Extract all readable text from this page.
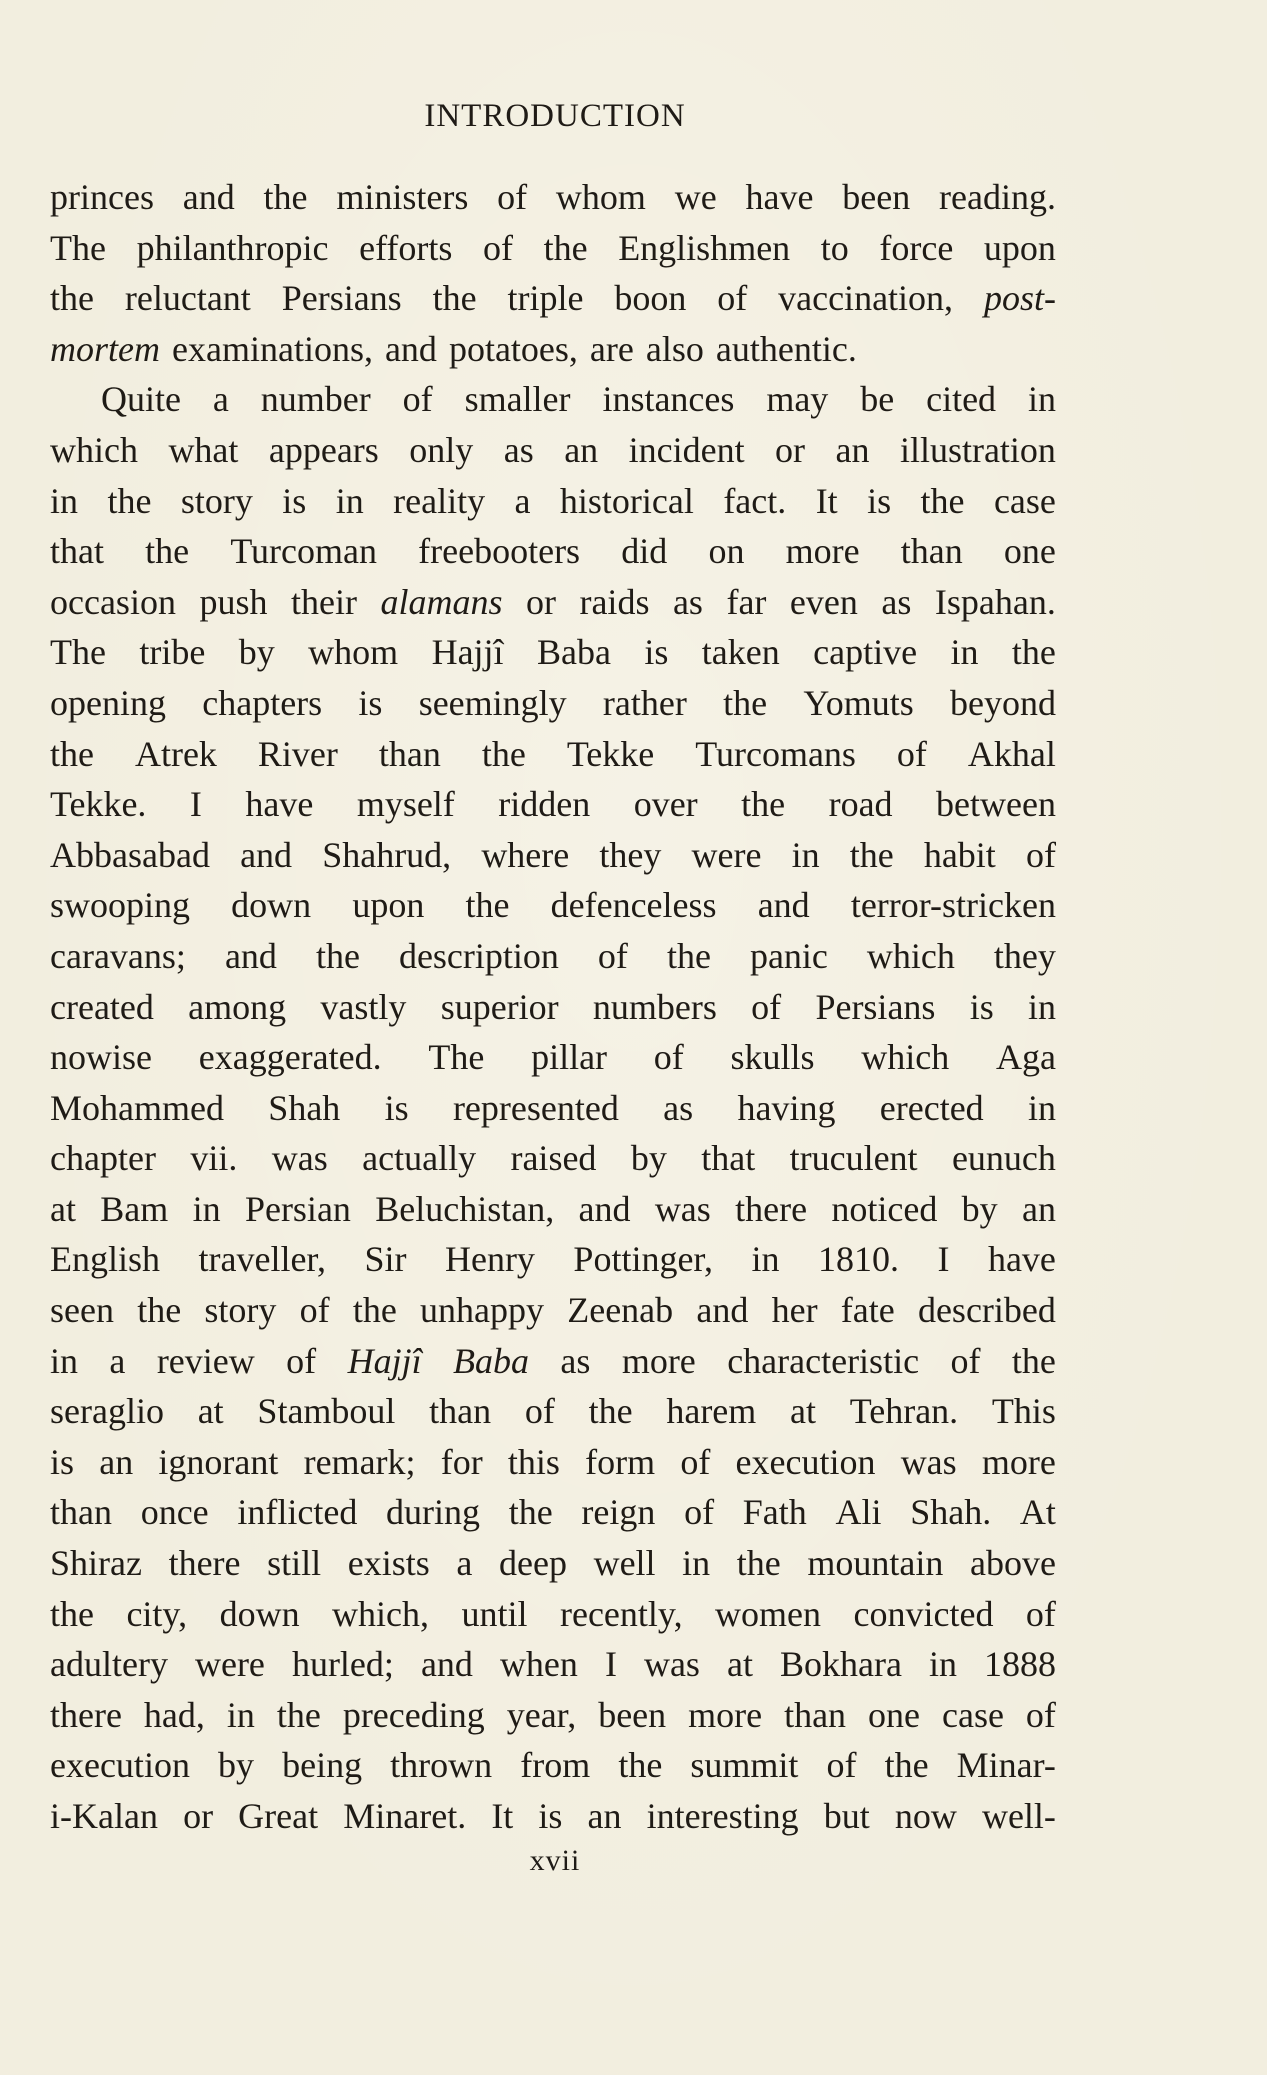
INTRODUCTION
princes and the ministers of whom we have been reading.
The philanthropic efforts of the Englishmen to force upon
the reluctant Persians the triple boon of vaccination, post-
mortem examinations, and potatoes, are also authentic.
Quite a number of smaller instances may be cited in
which what appears only as an incident or an illustration
in the story is in reality a historical fact. It is the case
that the Turcoman freebooters did on more than one
occasion push their alamans or raids as far even as Ispahan.
The tribe by whom Hajjî Baba is taken captive in the
opening chapters is seemingly rather the Yomuts beyond
the Atrek River than the Tekke Turcomans of Akhal
Tekke. I have myself ridden over the road between
Abbasabad and Shahrud, where they were in the habit of
swooping down upon the defenceless and terror-stricken
caravans; and the description of the panic which they
created among vastly superior numbers of Persians is in
nowise exaggerated. The pillar of skulls which Aga
Mohammed Shah is represented as having erected in
chapter vii. was actually raised by that truculent eunuch
at Bam in Persian Beluchistan, and was there noticed by an
English traveller, Sir Henry Pottinger, in 1810. I have
seen the story of the unhappy Zeenab and her fate described
in a review of Hajjî Baba as more characteristic of the
seraglio at Stamboul than of the harem at Tehran. This
is an ignorant remark; for this form of execution was more
than once inflicted during the reign of Fath Ali Shah. At
Shiraz there still exists a deep well in the mountain above
the city, down which, until recently, women convicted of
adultery were hurled; and when I was at Bokhara in 1888
there had, in the preceding year, been more than one case of
execution by being thrown from the summit of the Minar-
i-Kalan or Great Minaret. It is an interesting but now well-
xvii
